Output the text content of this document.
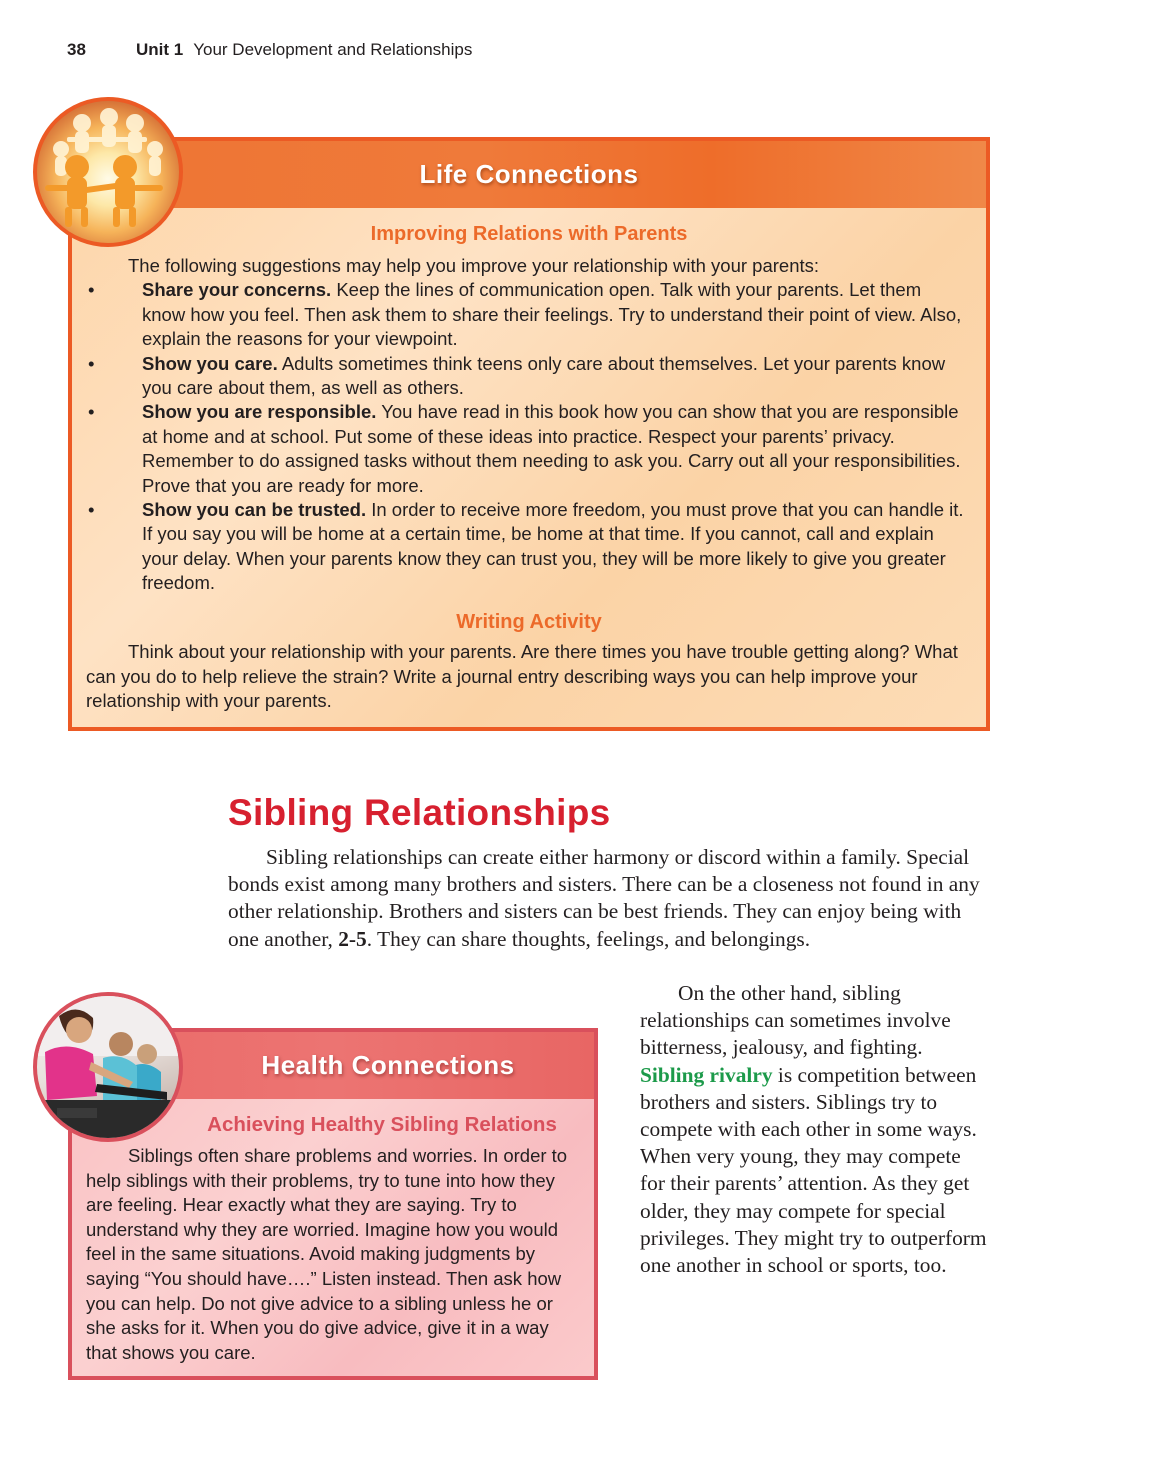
38	Unit 1 Your Development and Relationships
Life Connections
Improving Relations with Parents
The following suggestions may help you improve your relationship with your parents:
•	Share your concerns. Keep the lines of communication open. Talk with your parents. Let them know how you feel. Then ask them to share their feelings. Try to understand their point of view. Also, explain the reasons for your viewpoint.
•	Show you care. Adults sometimes think teens only care about themselves. Let your parents know you care about them, as well as others.
•	Show you are responsible. You have read in this book how you can show that you are responsible at home and at school. Put some of these ideas into practice. Respect your parents’ privacy. Remember to do assigned tasks without them needing to ask you. Carry out all your responsibilities. Prove that you are ready for more.
•	Show you can be trusted. In order to receive more freedom, you must prove that you can handle it. If you say you will be home at a certain time, be home at that time. If you cannot, call and explain your delay. When your parents know they can trust you, they will be more likely to give you greater freedom.
Writing Activity
Think about your relationship with your parents. Are there times you have trouble getting along? What can you do to help relieve the strain? Write a journal entry describing ways you can help improve your relationship with your parents.
Sibling Relationships

Sibling relationships can create either harmony or discord within a family. Special bonds exist among many brothers and sisters. There can be a closeness not found in any other relationship. Brothers and sisters can be best friends. They can enjoy being with one another, 2-5. They can share thoughts, feelings, and belongings.

On the other hand, sibling relationships can sometimes involve bitterness, jealousy, and fighting. Sibling rivalry is competition between brothers and sisters. Siblings try to compete with each other in some ways. When very young, they may compete for their parents’ attention. As they get older, they may compete for special privileges. They might try to outperform one another in school or sports, too.

Health Connections
Achieving Healthy Sibling Relations
Siblings often share problems and worries. In order to help siblings with their problems, try to tune into how they are feeling. Hear exactly what they are saying. Try to understand why they are worried. Imagine how you would feel in the same situations. Avoid making judgments by saying “You should have….” Listen instead. Then ask how you can help. Do not give advice to a sibling unless he or she asks for it. When you do give advice, give it in a way that shows you care.
